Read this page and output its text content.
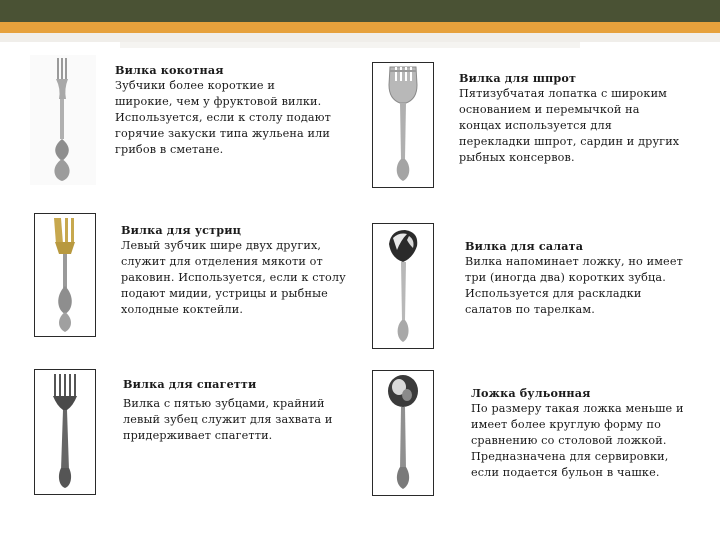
Вилка кокотная
Зубчики более короткие и
широкие, чем у фруктовой вилки.
Используется, если к столу подают
горячие закуски типа жульена или
грибов в сметане.
Вилка для шпрот
Пятизубчатая лопатка с широким
основанием и перемычкой на
концах используется для
перекладки шпрот, сардин и других
рыбных консервов.
Вилка для устриц
Левый зубчик шире двух других,
служит для отделения мякоти от
раковин. Используется, если к столу
подают мидии, устрицы и рыбные
холодные коктейли.
Вилка для салата
Вилка напоминает ложку, но имеет
три (иногда два) коротких зубца.
Используется для раскладки
салатов по тарелкам.
Вилка для спагетти
Вилка с пятью зубцами, крайний
левый зубец служит для захвата и
придерживает спагетти.
Ложка бульонная
По размеру такая ложка меньше и
имеет более круглую форму по
сравнению со столовой ложкой.
Предназначена для сервировки,
если подается бульон в чашке.
